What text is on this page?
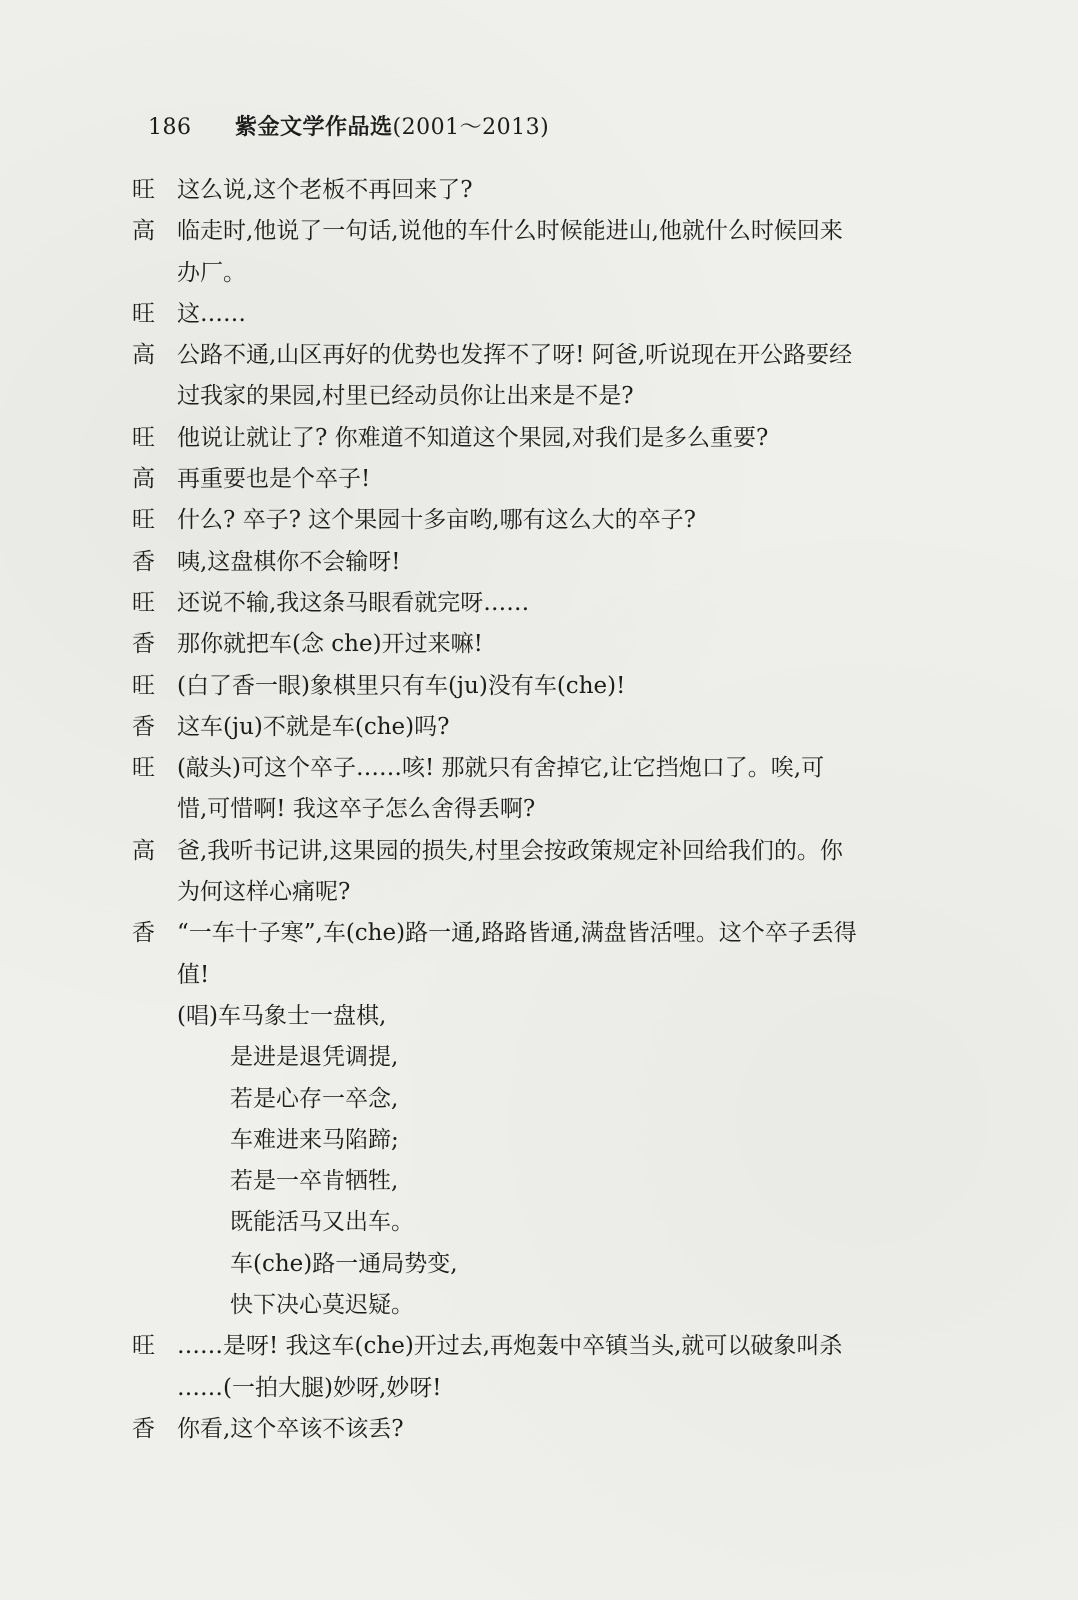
186 紫金文学作品选(2001～2013)
旺 这么说,这个老板不再回来了?
高 临走时,他说了一句话,说他的车什么时候能进山,他就什么时候回来
办厂。
旺 这……
高 公路不通,山区再好的优势也发挥不了呀! 阿爸,听说现在开公路要经
过我家的果园,村里已经动员你让出来是不是?
旺 他说让就让了? 你难道不知道这个果园,对我们是多么重要?
高 再重要也是个卒子!
旺 什么? 卒子? 这个果园十多亩哟,哪有这么大的卒子?
香 咦,这盘棋你不会输呀!
旺 还说不输,我这条马眼看就完呀……
香 那你就把车(念 che)开过来嘛!
旺 (白了香一眼)象棋里只有车(ju)没有车(che)!
香 这车(ju)不就是车(che)吗?
旺 (敲头)可这个卒子……咳! 那就只有舍掉它,让它挡炮口了。唉,可
惜,可惜啊! 我这卒子怎么舍得丢啊?
高 爸,我听书记讲,这果园的损失,村里会按政策规定补回给我们的。你
为何这样心痛呢?
香 “一车十子寒”,车(che)路一通,路路皆通,满盘皆活哩。这个卒子丢得
值!
(唱)车马象士一盘棋,
是进是退凭调提,
若是心存一卒念,
车难进来马陷蹄;
若是一卒肯牺牲,
既能活马又出车。
车(che)路一通局势变,
快下决心莫迟疑。
旺 ……是呀! 我这车(che)开过去,再炮轰中卒镇当头,就可以破象叫杀
……(一拍大腿)妙呀,妙呀!
香 你看,这个卒该不该丢?
